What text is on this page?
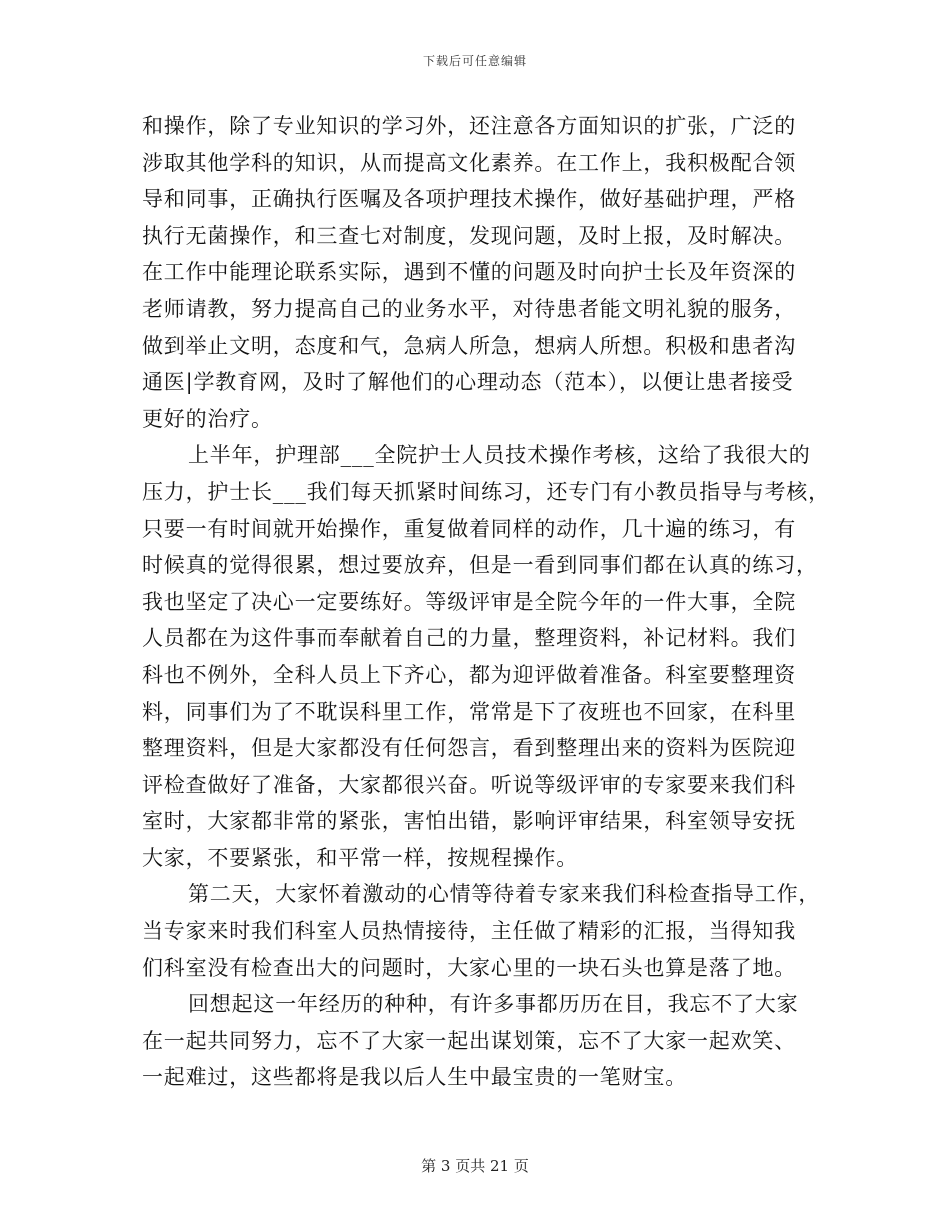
下载后可任意编辑
和操作，除了专业知识的学习外，还注意各方面知识的扩张，广泛的
涉取其他学科的知识，从而提高文化素养。在工作上，我积极配合领
导和同事，正确执行医嘱及各项护理技术操作，做好基础护理，严格
执行无菌操作，和三查七对制度，发现问题，及时上报，及时解决。
在工作中能理论联系实际，遇到不懂的问题及时向护士长及年资深的
老师请教，努力提高自己的业务水平，对待患者能文明礼貌的服务，
做到举止文明，态度和气，急病人所急，想病人所想。积极和患者沟
通医|学教育网，及时了解他们的心理动态（范本），以便让患者接受
更好的治疗。
上半年，护理部___全院护士人员技术操作考核，这给了我很大的
压力，护士长___我们每天抓紧时间练习，还专门有小教员指导与考核，
只要一有时间就开始操作，重复做着同样的动作，几十遍的练习，有
时候真的觉得很累，想过要放弃，但是一看到同事们都在认真的练习，
我也坚定了决心一定要练好。等级评审是全院今年的一件大事，全院
人员都在为这件事而奉献着自己的力量，整理资料，补记材料。我们
科也不例外，全科人员上下齐心，都为迎评做着准备。科室要整理资
料，同事们为了不耽误科里工作，常常是下了夜班也不回家，在科里
整理资料，但是大家都没有任何怨言，看到整理出来的资料为医院迎
评检查做好了准备，大家都很兴奋。听说等级评审的专家要来我们科
室时，大家都非常的紧张，害怕出错，影响评审结果，科室领导安抚
大家，不要紧张，和平常一样，按规程操作。
第二天，大家怀着激动的心情等待着专家来我们科检查指导工作，
当专家来时我们科室人员热情接待，主任做了精彩的汇报，当得知我
们科室没有检查出大的问题时，大家心里的一块石头也算是落了地。
回想起这一年经历的种种，有许多事都历历在目，我忘不了大家
在一起共同努力，忘不了大家一起出谋划策，忘不了大家一起欢笑、
一起难过，这些都将是我以后人生中最宝贵的一笔财宝。
第 3 页共 21 页
